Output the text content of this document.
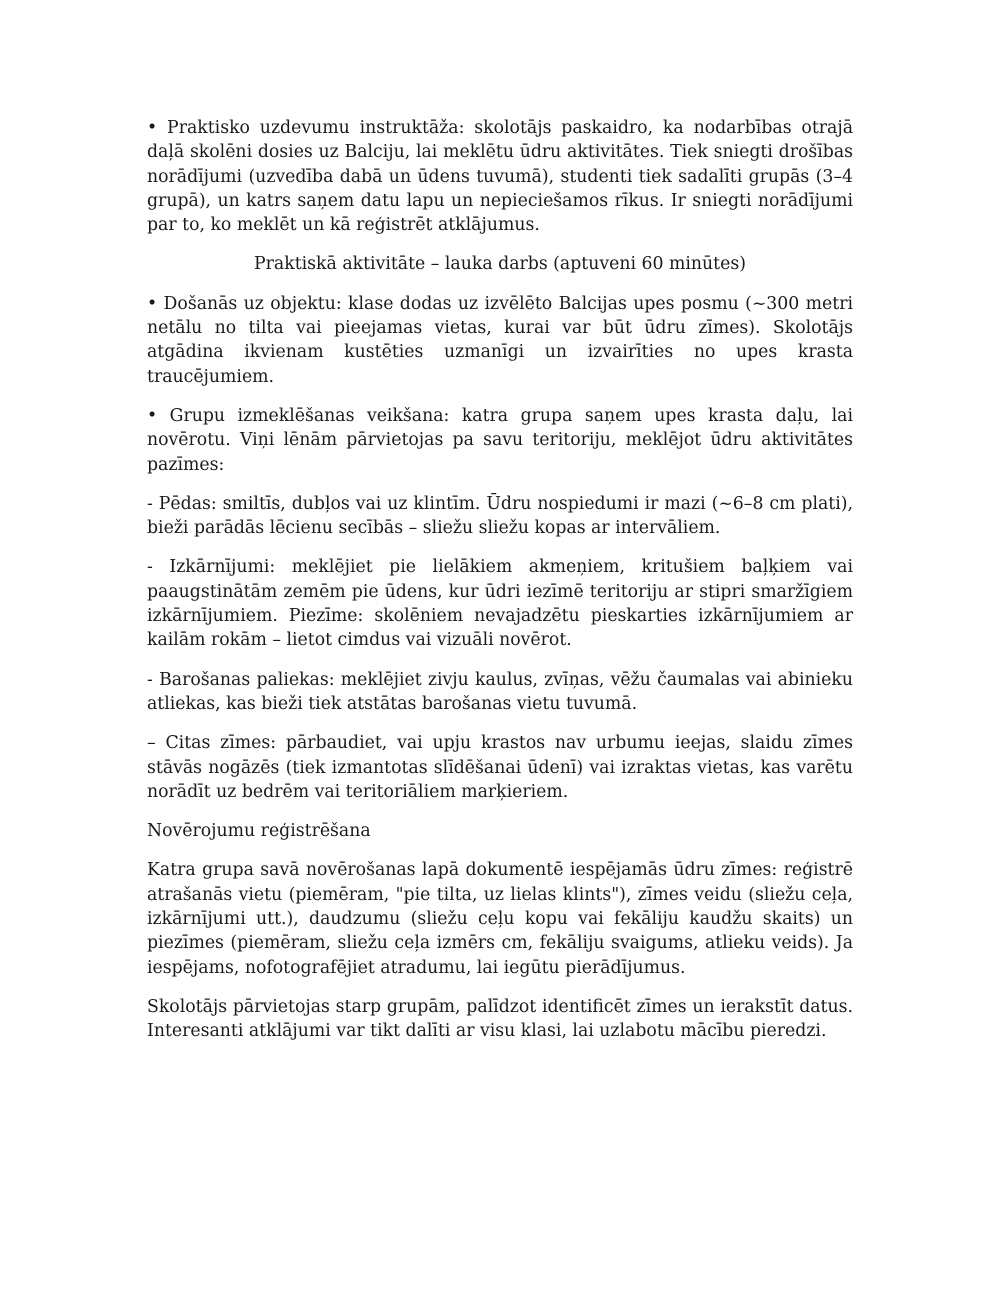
• Praktisko uzdevumu instruktāža: skolotājs paskaidro, ka nodarbības otrajā daļā skolēni dosies uz Balciju, lai meklētu ūdru aktivitātes. Tiek sniegti drošības norādījumi (uzvedība dabā un ūdens tuvumā), studenti tiek sadalīti grupās (3–4 grupā), un katrs saņem datu lapu un nepieciešamos rīkus. Ir sniegti norādījumi par to, ko meklēt un kā reģistrēt atklājumus.

Praktiskā aktivitāte – lauka darbs (aptuveni 60 minūtes)

• Došanās uz objektu: klase dodas uz izvēlēto Balcijas upes posmu (~300 metri netālu no tilta vai pieejamas vietas, kurai var būt ūdru zīmes). Skolotājs atgādina ikvienam kustēties uzmanīgi un izvairīties no upes krasta traucējumiem.

• Grupu izmeklēšanas veikšana: katra grupa saņem upes krasta daļu, lai novērotu. Viņi lēnām pārvietojas pa savu teritoriju, meklējot ūdru aktivitātes pazīmes:

- Pēdas: smiltīs, dubļos vai uz klintīm. Ūdru nospiedumi ir mazi (~6–8 cm plati), bieži parādās lēcienu secībās – sliežu sliežu kopas ar intervāliem.

- Izkārnījumi: meklējiet pie lielākiem akmeņiem, kritušiem baļķiem vai paaugstinātām zemēm pie ūdens, kur ūdri iezīmē teritoriju ar stipri smaržīgiem izkārnījumiem. Piezīme: skolēniem nevajadzētu pieskarties izkārnījumiem ar kailām rokām – lietot cimdus vai vizuāli novērot.

- Barošanas paliekas: meklējiet zivju kaulus, zvīņas, vēžu čaumalas vai abinieku atliekas, kas bieži tiek atstātas barošanas vietu tuvumā.

– Citas zīmes: pārbaudiet, vai upju krastos nav urbumu ieejas, slaidu zīmes stāvās nogāzēs (tiek izmantotas slīdēšanai ūdenī) vai izraktas vietas, kas varētu norādīt uz bedrēm vai teritoriāliem marķieriem.

Novērojumu reģistrēšana

Katra grupa savā novērošanas lapā dokumentē iespējamās ūdru zīmes: reģistrē atrašanās vietu (piemēram, "pie tilta, uz lielas klints"), zīmes veidu (sliežu ceļa, izkārnījumi utt.), daudzumu (sliežu ceļu kopu vai fekāliju kaudžu skaits) un piezīmes (piemēram, sliežu ceļa izmērs cm, fekāliju svaigums, atlieku veids). Ja iespējams, nofotografējiet atradumu, lai iegūtu pierādījumus.

Skolotājs pārvietojas starp grupām, palīdzot identificēt zīmes un ierakstīt datus. Interesanti atklājumi var tikt dalīti ar visu klasi, lai uzlabotu mācību pieredzi.
